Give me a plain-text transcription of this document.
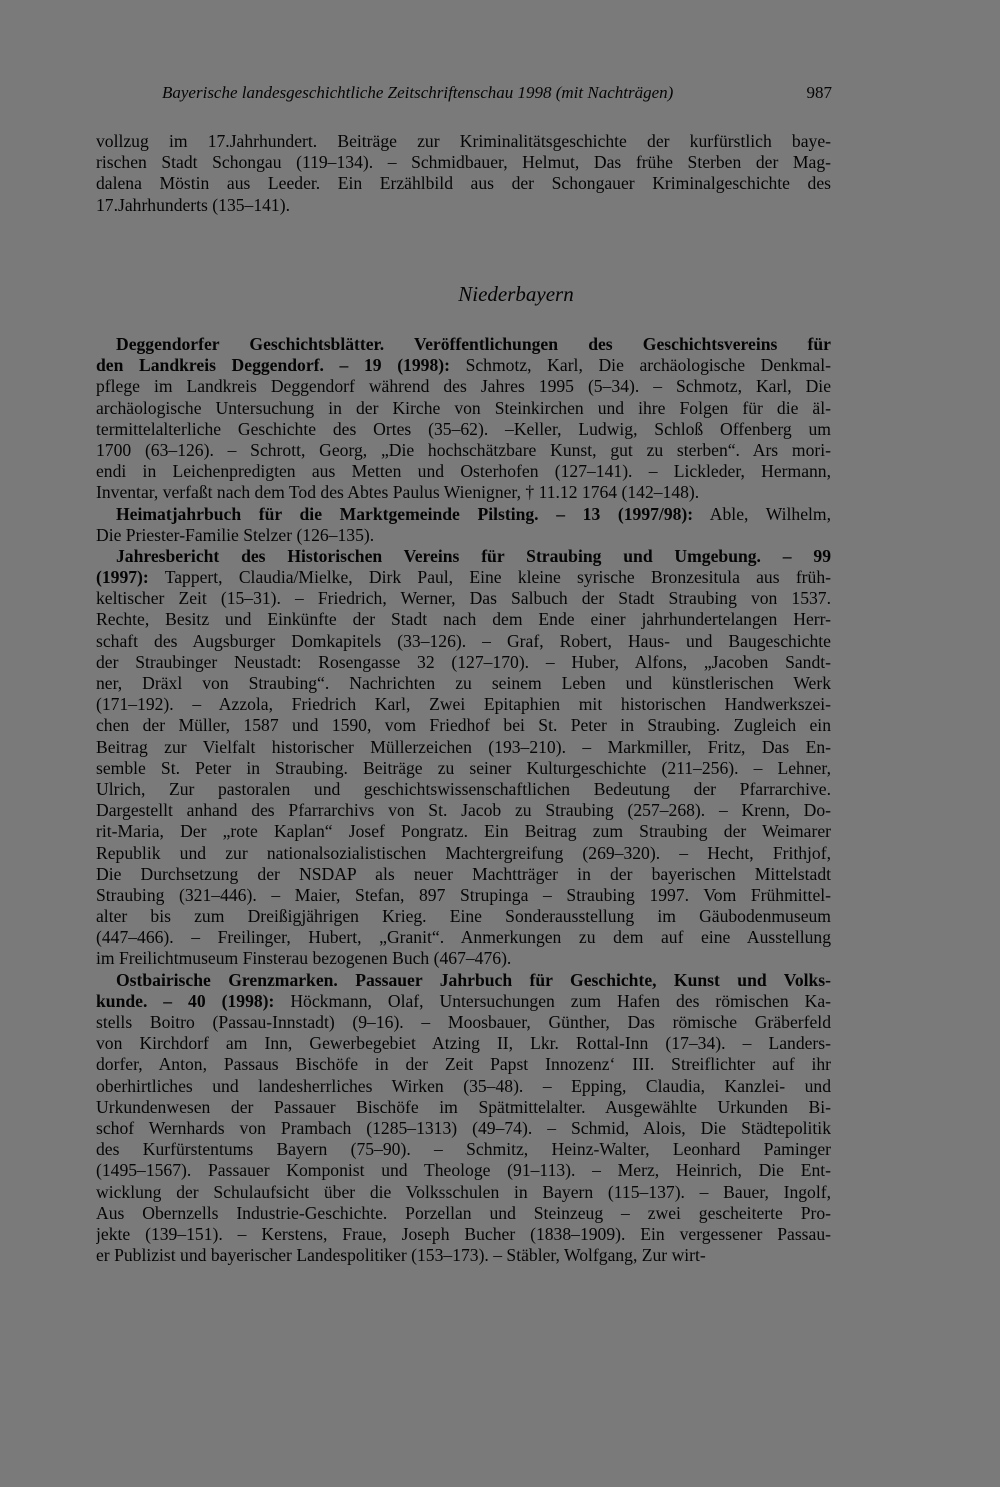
Bayerische landesgeschichtliche Zeitschriftenschau 1998 (mit Nachträgen)	987
vollzug im 17.Jahrhundert. Beiträge zur Kriminalitätsgeschichte der kurfürstlich baye-
rischen Stadt Schongau (119–134). – Schmidbauer, Helmut, Das frühe Sterben der Mag-
dalena Möstin aus Leeder. Ein Erzählbild aus der Schongauer Kriminalgeschichte des
17.Jahrhunderts (135–141).
Niederbayern
Deggendorfer Geschichtsblätter. Veröffentlichungen des Geschichtsvereins für
den Landkreis Deggendorf. – 19 (1998): Schmotz, Karl, Die archäologische Denkmal-
pflege im Landkreis Deggendorf während des Jahres 1995 (5–34). – Schmotz, Karl, Die
archäologische Untersuchung in der Kirche von Steinkirchen und ihre Folgen für die äl-
termittelalterliche Geschichte des Ortes (35–62). –Keller, Ludwig, Schloß Offenberg um
1700 (63–126). – Schrott, Georg, „Die hochschätzbare Kunst, gut zu sterben“. Ars mori-
endi in Leichenpredigten aus Metten und Osterhofen (127–141). – Lickleder, Hermann,
Inventar, verfaßt nach dem Tod des Abtes Paulus Wienigner, † 11.12 1764 (142–148).
Heimatjahrbuch für die Marktgemeinde Pilsting. – 13 (1997/98): Able, Wilhelm,
Die Priester-Familie Stelzer (126–135).
Jahresbericht des Historischen Vereins für Straubing und Umgebung. – 99
(1997): Tappert, Claudia/Mielke, Dirk Paul, Eine kleine syrische Bronzesitula aus früh-
keltischer Zeit (15–31). – Friedrich, Werner, Das Salbuch der Stadt Straubing von 1537.
Rechte, Besitz und Einkünfte der Stadt nach dem Ende einer jahrhundertelangen Herr-
schaft des Augsburger Domkapitels (33–126). – Graf, Robert, Haus- und Baugeschichte
der Straubinger Neustadt: Rosengasse 32 (127–170). – Huber, Alfons, „Jacoben Sandt-
ner, Dräxl von Straubing“. Nachrichten zu seinem Leben und künstlerischen Werk
(171–192). – Azzola, Friedrich Karl, Zwei Epitaphien mit historischen Handwerkszei-
chen der Müller, 1587 und 1590, vom Friedhof bei St. Peter in Straubing. Zugleich ein
Beitrag zur Vielfalt historischer Müllerzeichen (193–210). – Markmiller, Fritz, Das En-
semble St. Peter in Straubing. Beiträge zu seiner Kulturgeschichte (211–256). – Lehner,
Ulrich, Zur pastoralen und geschichtswissenschaftlichen Bedeutung der Pfarrarchive.
Dargestellt anhand des Pfarrarchivs von St. Jacob zu Straubing (257–268). – Krenn, Do-
rit-Maria, Der „rote Kaplan“ Josef Pongratz. Ein Beitrag zum Straubing der Weimarer
Republik und zur nationalsozialistischen Machtergreifung (269–320). – Hecht, Frithjof,
Die Durchsetzung der NSDAP als neuer Machtträger in der bayerischen Mittelstadt
Straubing (321–446). – Maier, Stefan, 897 Strupinga – Straubing 1997. Vom Frühmittel-
alter bis zum Dreißigjährigen Krieg. Eine Sonderausstellung im Gäubodenmuseum
(447–466). – Freilinger, Hubert, „Granit“. Anmerkungen zu dem auf eine Ausstellung
im Freilichtmuseum Finsterau bezogenen Buch (467–476).
Ostbairische Grenzmarken. Passauer Jahrbuch für Geschichte, Kunst und Volks-
kunde. – 40 (1998): Höckmann, Olaf, Untersuchungen zum Hafen des römischen Ka-
stells Boitro (Passau-Innstadt) (9–16). – Moosbauer, Günther, Das römische Gräberfeld
von Kirchdorf am Inn, Gewerbegebiet Atzing II, Lkr. Rottal-Inn (17–34). – Landers-
dorfer, Anton, Passaus Bischöfe in der Zeit Papst Innozenz‘ III. Streiflichter auf ihr
oberhirtliches und landesherrliches Wirken (35–48). – Epping, Claudia, Kanzlei- und
Urkundenwesen der Passauer Bischöfe im Spätmittelalter. Ausgewählte Urkunden Bi-
schof Wernhards von Prambach (1285–1313) (49–74). – Schmid, Alois, Die Städtepolitik
des Kurfürstentums Bayern (75–90). – Schmitz, Heinz-Walter, Leonhard Paminger
(1495–1567). Passauer Komponist und Theologe (91–113). – Merz, Heinrich, Die Ent-
wicklung der Schulaufsicht über die Volksschulen in Bayern (115–137). – Bauer, Ingolf,
Aus Obernzells Industrie-Geschichte. Porzellan und Steinzeug – zwei gescheiterte Pro-
jekte (139–151). – Kerstens, Fraue, Joseph Bucher (1838–1909). Ein vergessener Passau-
er Publizist und bayerischer Landespolitiker (153–173). – Stäbler, Wolfgang, Zur wirt-
